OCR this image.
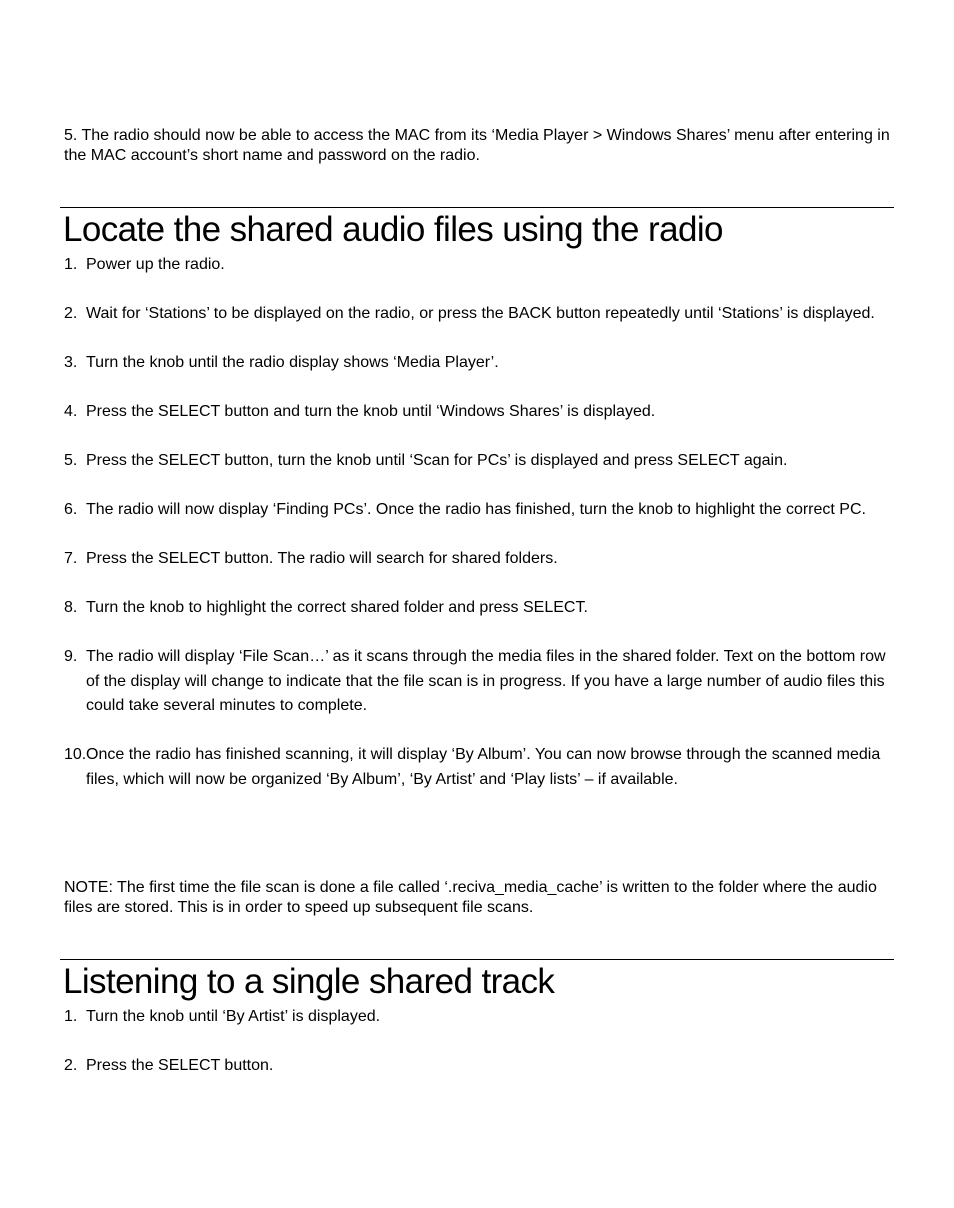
5. The radio should now be able to access the MAC from its ‘Media Player > Windows Shares’ menu after entering in the MAC account’s short name and password on the radio.

Locate the shared audio files using the radio
1. Power up the radio.
2. Wait for ‘Stations’ to be displayed on the radio, or press the BACK button repeatedly until ‘Stations’ is displayed.
3. Turn the knob until the radio display shows ‘Media Player’.
4. Press the SELECT button and turn the knob until ‘Windows Shares’ is displayed.
5. Press the SELECT button, turn the knob until ‘Scan for PCs’ is displayed and press SELECT again.
6. The radio will now display ‘Finding PCs’. Once the radio has finished, turn the knob to highlight the correct PC.
7. Press the SELECT button. The radio will search for shared folders.
8. Turn the knob to highlight the correct shared folder and press SELECT.
9. The radio will display ‘File Scan…’ as it scans through the media files in the shared folder. Text on the bottom row of the display will change to indicate that the file scan is in progress. If you have a large number of audio files this could take several minutes to complete.
10. Once the radio has finished scanning, it will display ‘By Album’. You can now browse through the scanned media files, which will now be organized ‘By Album’, ‘By Artist’ and ‘Play lists’ – if available.

NOTE: The first time the file scan is done a file called ‘.reciva_media_cache’ is written to the folder where the audio files are stored. This is in order to speed up subsequent file scans.

Listening to a single shared track
1. Turn the knob until ‘By Artist’ is displayed.
2. Press the SELECT button.
